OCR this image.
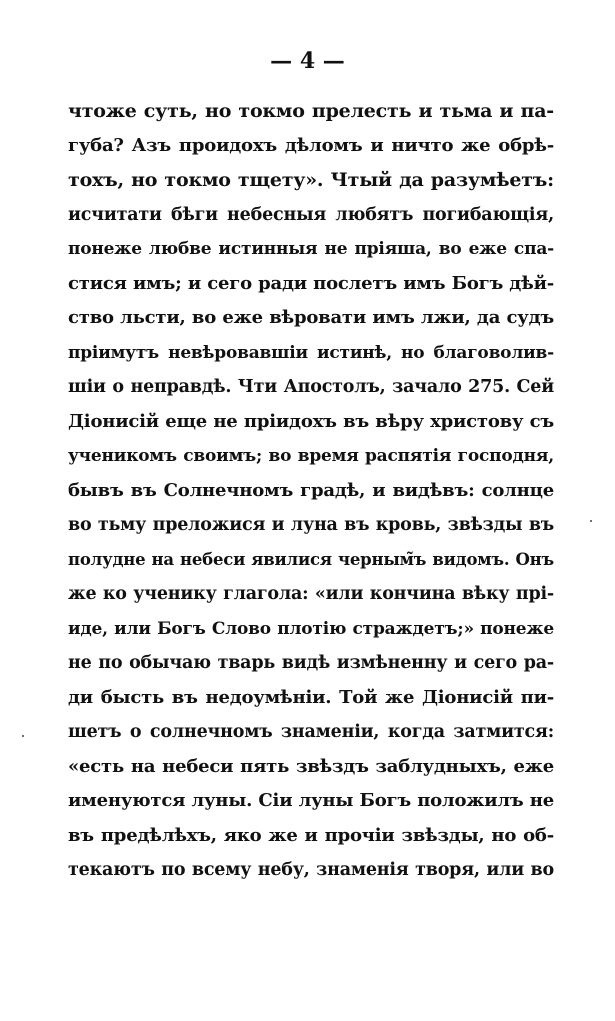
— 4 —
чтоже суть, но токмо прелесть и тьма и па-
губа? Азъ проидохъ дѣломъ и ничто же обрѣ-
тохъ, но токмо тщету». Чтый да разумѣетъ:
исчитати бѣги небесныя любятъ погибающія,
понеже любве истинныя не пріяша, во еже спа-
стися имъ; и сего ради послетъ имъ Богъ дѣй-
ство льсти, во еже вѣровати имъ лжи, да судъ
пріимутъ невѣровавшіи истинѣ, но благоволив-
шіи о неправдѣ. Чти Апостолъ, зачало 275. Сей
Діонисій еще не пріидохъ въ вѣру христову съ
ученикомъ своимъ; во время распятія господня,
бывъ въ Солнечномъ градѣ, и видѣвъ: солнце
во тьму преложися и луна въ кровь, звѣзды въ
полудне на небеси явилися черным̃ъ видомъ. Онъ
же ко ученику глагола: «или кончина вѣку прі-
иде, или Богъ Слово плотію страждетъ;» понеже
не по обычаю тварь видѣ измѣненну и сего ра-
ди бысть въ недоумѣніи. Той же Діонисій пи-
шетъ о солнечномъ знаменіи, когда затмится:
«есть на небеси пять звѣздъ заблудныхъ, еже
именуются луны. Сіи луны Богъ положилъ не
въ предѣлѣхъ, яко же и прочіи звѣзды, но об-
текаютъ по всему небу, знаменія творя, или во
